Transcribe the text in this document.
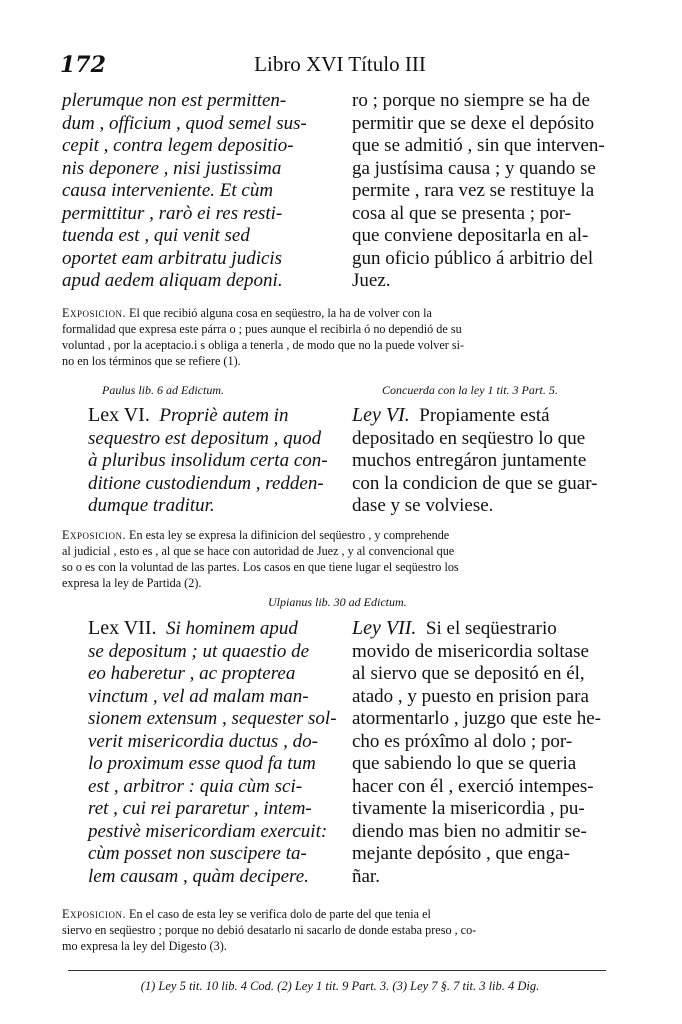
172	Libro XVI Título III
plerumque non est permitten-
dum , officium , quod semel sus-
cepit , contra legem depositio-
nis deponere , nisi justissima
causa interveniente. Et cùm
permittitur , rarò ei res resti-
tuenda est , qui venit sed
oportet eam arbitratu judicis
apud aedem aliquam deponi.
ro ; porque no siempre se ha de
permitir que se dexe el depósito
que se admitió , sin que interven-
ga justísima causa ; y quando se
permite , rara vez se restituye la
cosa al que se presenta ; por-
que conviene depositarla en al-
gun oficio público á arbitrio del
Juez.
Exposicion. El que recibió alguna cosa en seqüestro, la ha de volver con la
formalidad que expresa este párra o ; pues aunque el recibirla ó no dependió de su
voluntad , por la aceptacio.i s obliga a tenerla , de modo que no la puede volver si-
no en los términos que se refiere (1).
Paulus lib. 6 ad Edictum.	Concuerda con la ley 1 tit. 3 Part. 5.
Lex VI. Propriè autem in
sequestro est depositum , quod
à pluribus insolidum certa con-
ditione custodiendum , redden-
dumque traditur.
Ley VI. Propiamente está
depositado en seqüestro lo que
muchos entregáron juntamente
con la condicion de que se guar-
dase y se volviese.
Exposicion. En esta ley se expresa la difinicion del seqüestro , y comprehende
al judicial , esto es , al que se hace con autoridad de Juez , y al convencional que
so o es con la voluntad de las partes. Los casos en que tiene lugar el seqüestro los
expresa la ley de Partida (2).
Ulpianus lib. 30 ad Edictum.
Lex VII. Si hominem apud
se depositum ; ut quaestio de
eo haberetur , ac propterea
vinctum , vel ad malam man-
sionem extensum , sequester sol-
verit misericordia ductus , do-
lo proximum esse quod fa tum
est , arbitror : quia cùm sci-
ret , cui rei pararetur , intem-
pestivè misericordiam exercuit:
cùm posset non suscipere ta-
lem causam , quàm decipere.
Ley VII. Si el seqüestrario
movido de misericordia soltase
al siervo que se depositó en él,
atado , y puesto en prision para
atormentarlo , juzgo que este he-
cho es próxîmo al dolo ; por-
que sabiendo lo que se queria
hacer con él , exerció intempes-
tivamente la misericordia , pu-
diendo mas bien no admitir se-
mejante depósito , que enga-
ñar.
Exposicion. En el caso de esta ley se verifica dolo de parte del que tenia el
siervo en seqüestro ; porque no debió desatarlo ni sacarlo de donde estaba preso , co-
mo expresa la ley del Digesto (3).
(1) Ley 5 tit. 10 lib. 4 Cod. (2) Ley 1 tit. 9 Part. 3. (3) Ley 7 §. 7 tit. 3 lib. 4 Dig.
